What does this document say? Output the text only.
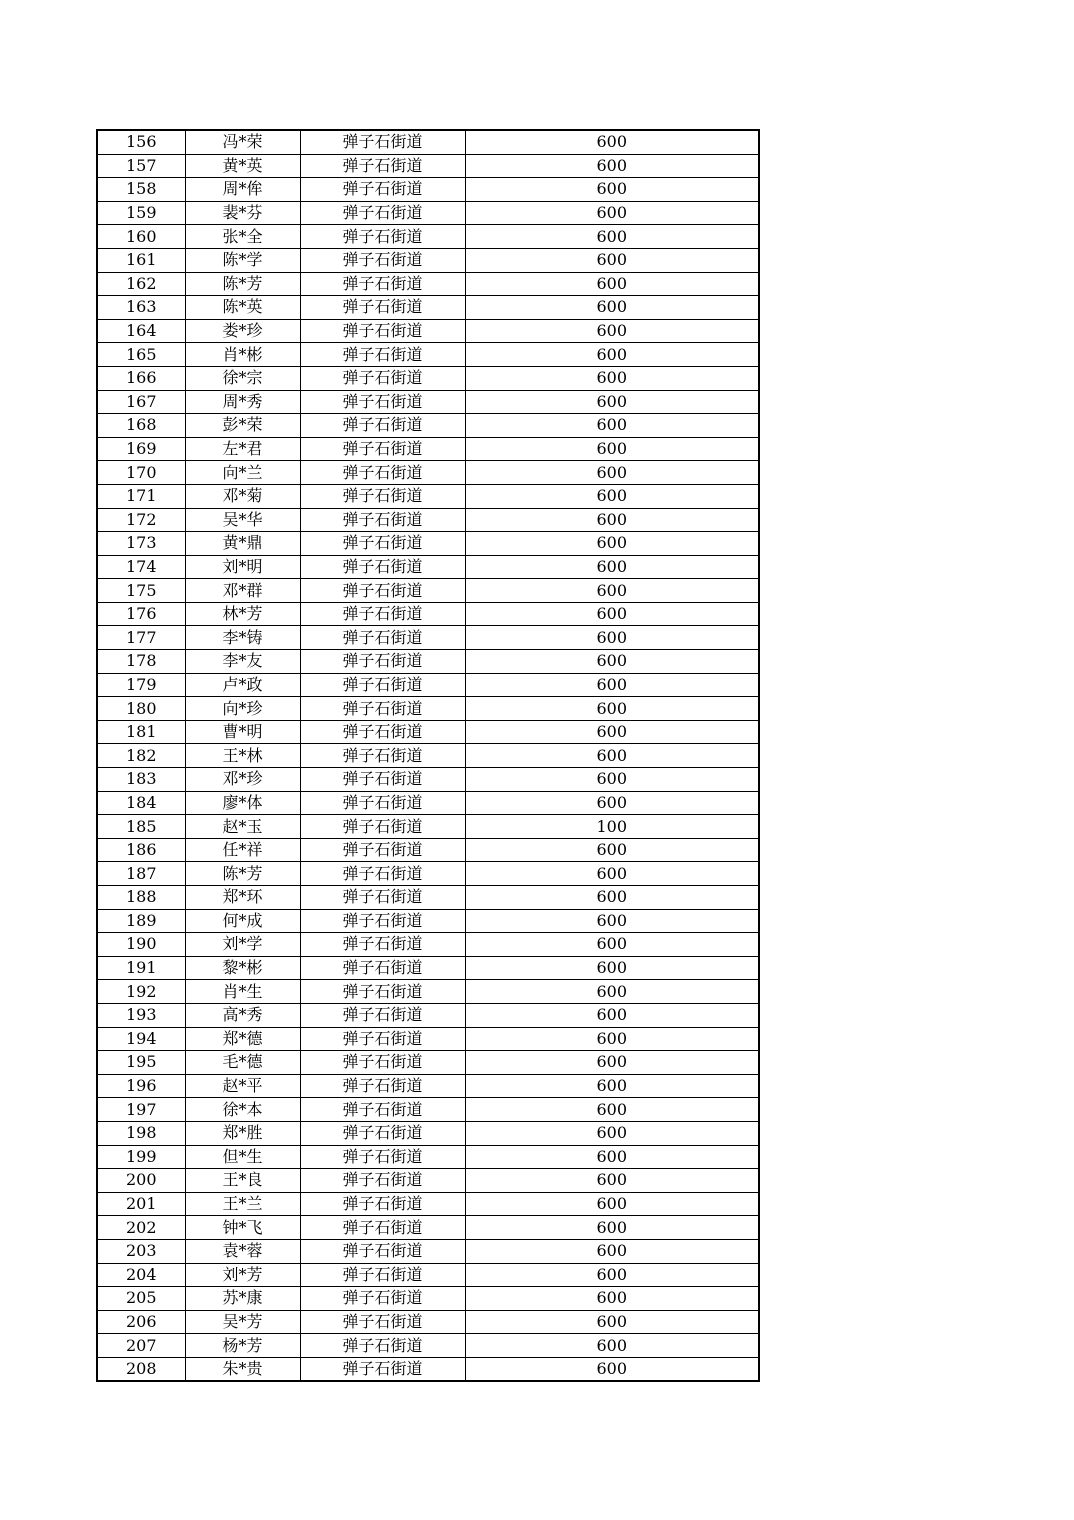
156	冯*荣	弹子石街道	600
157	黄*英	弹子石街道	600
158	周*侔	弹子石街道	600
159	裴*芬	弹子石街道	600
160	张*全	弹子石街道	600
161	陈*学	弹子石街道	600
162	陈*芳	弹子石街道	600
163	陈*英	弹子石街道	600
164	娄*珍	弹子石街道	600
165	肖*彬	弹子石街道	600
166	徐*宗	弹子石街道	600
167	周*秀	弹子石街道	600
168	彭*荣	弹子石街道	600
169	左*君	弹子石街道	600
170	向*兰	弹子石街道	600
171	邓*菊	弹子石街道	600
172	吴*华	弹子石街道	600
173	黄*鼎	弹子石街道	600
174	刘*明	弹子石街道	600
175	邓*群	弹子石街道	600
176	林*芳	弹子石街道	600
177	李*铸	弹子石街道	600
178	李*友	弹子石街道	600
179	卢*政	弹子石街道	600
180	向*珍	弹子石街道	600
181	曹*明	弹子石街道	600
182	王*林	弹子石街道	600
183	邓*珍	弹子石街道	600
184	廖*体	弹子石街道	600
185	赵*玉	弹子石街道	100
186	任*祥	弹子石街道	600
187	陈*芳	弹子石街道	600
188	郑*环	弹子石街道	600
189	何*成	弹子石街道	600
190	刘*学	弹子石街道	600
191	黎*彬	弹子石街道	600
192	肖*生	弹子石街道	600
193	高*秀	弹子石街道	600
194	郑*德	弹子石街道	600
195	毛*德	弹子石街道	600
196	赵*平	弹子石街道	600
197	徐*本	弹子石街道	600
198	郑*胜	弹子石街道	600
199	但*生	弹子石街道	600
200	王*良	弹子石街道	600
201	王*兰	弹子石街道	600
202	钟*飞	弹子石街道	600
203	袁*蓉	弹子石街道	600
204	刘*芳	弹子石街道	600
205	苏*康	弹子石街道	600
206	吴*芳	弹子石街道	600
207	杨*芳	弹子石街道	600
208	朱*贵	弹子石街道	600
